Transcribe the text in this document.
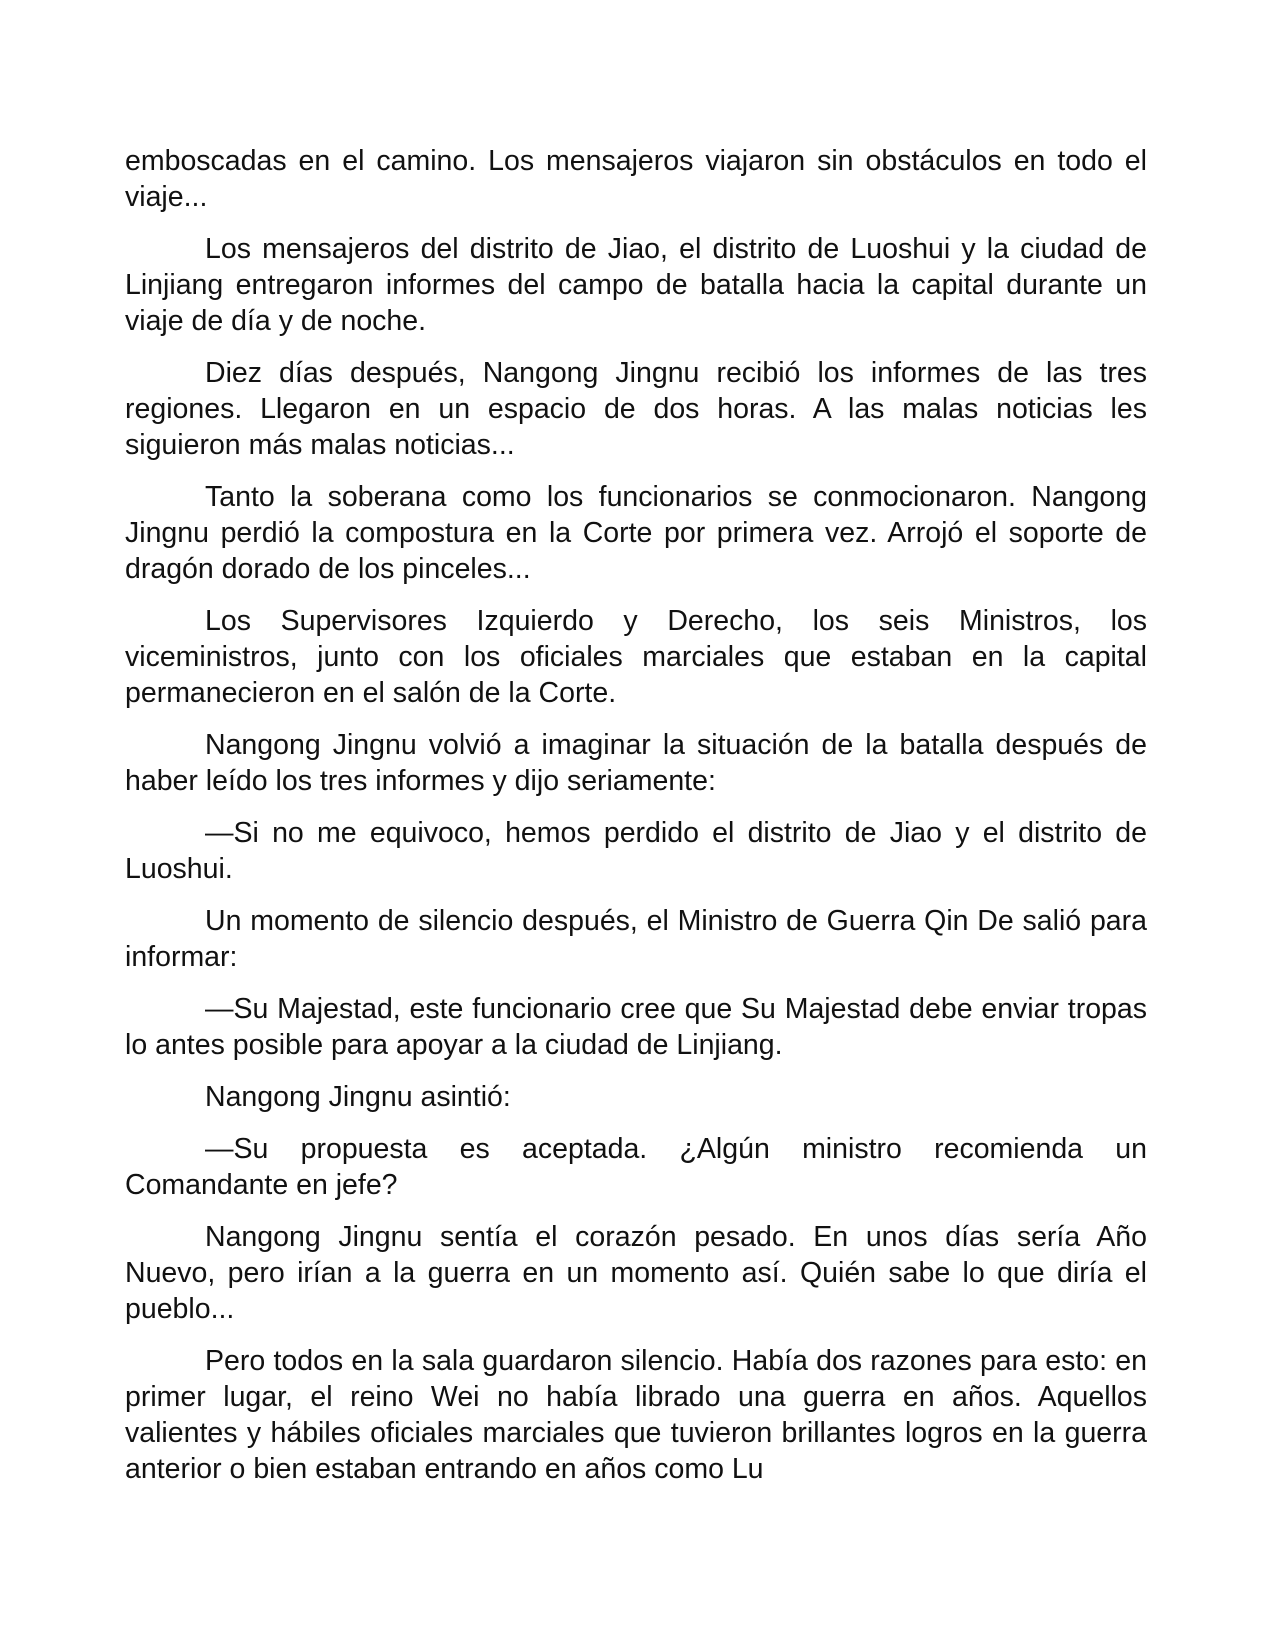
emboscadas en el camino. Los mensajeros viajaron sin obstáculos en todo el viaje...

Los mensajeros del distrito de Jiao, el distrito de Luoshui y la ciudad de Linjiang entregaron informes del campo de batalla hacia la capital durante un viaje de día y de noche.

Diez días después, Nangong Jingnu recibió los informes de las tres regiones. Llegaron en un espacio de dos horas. A las malas noticias les siguieron más malas noticias...

Tanto la soberana como los funcionarios se conmocionaron. Nangong Jingnu perdió la compostura en la Corte por primera vez. Arrojó el soporte de dragón dorado de los pinceles...

Los Supervisores Izquierdo y Derecho, los seis Ministros, los viceministros, junto con los oficiales marciales que estaban en la capital permanecieron en el salón de la Corte.

Nangong Jingnu volvió a imaginar la situación de la batalla después de haber leído los tres informes y dijo seriamente:

—Si no me equivoco, hemos perdido el distrito de Jiao y el distrito de Luoshui.

Un momento de silencio después, el Ministro de Guerra Qin De salió para informar:

—Su Majestad, este funcionario cree que Su Majestad debe enviar tropas lo antes posible para apoyar a la ciudad de Linjiang.

Nangong Jingnu asintió:

—Su propuesta es aceptada. ¿Algún ministro recomienda un Comandante en jefe?

Nangong Jingnu sentía el corazón pesado. En unos días sería Año Nuevo, pero irían a la guerra en un momento así. Quién sabe lo que diría el pueblo...

Pero todos en la sala guardaron silencio. Había dos razones para esto: en primer lugar, el reino Wei no había librado una guerra en años. Aquellos valientes y hábiles oficiales marciales que tuvieron brillantes logros en la guerra anterior o bien estaban entrando en años como Lu
